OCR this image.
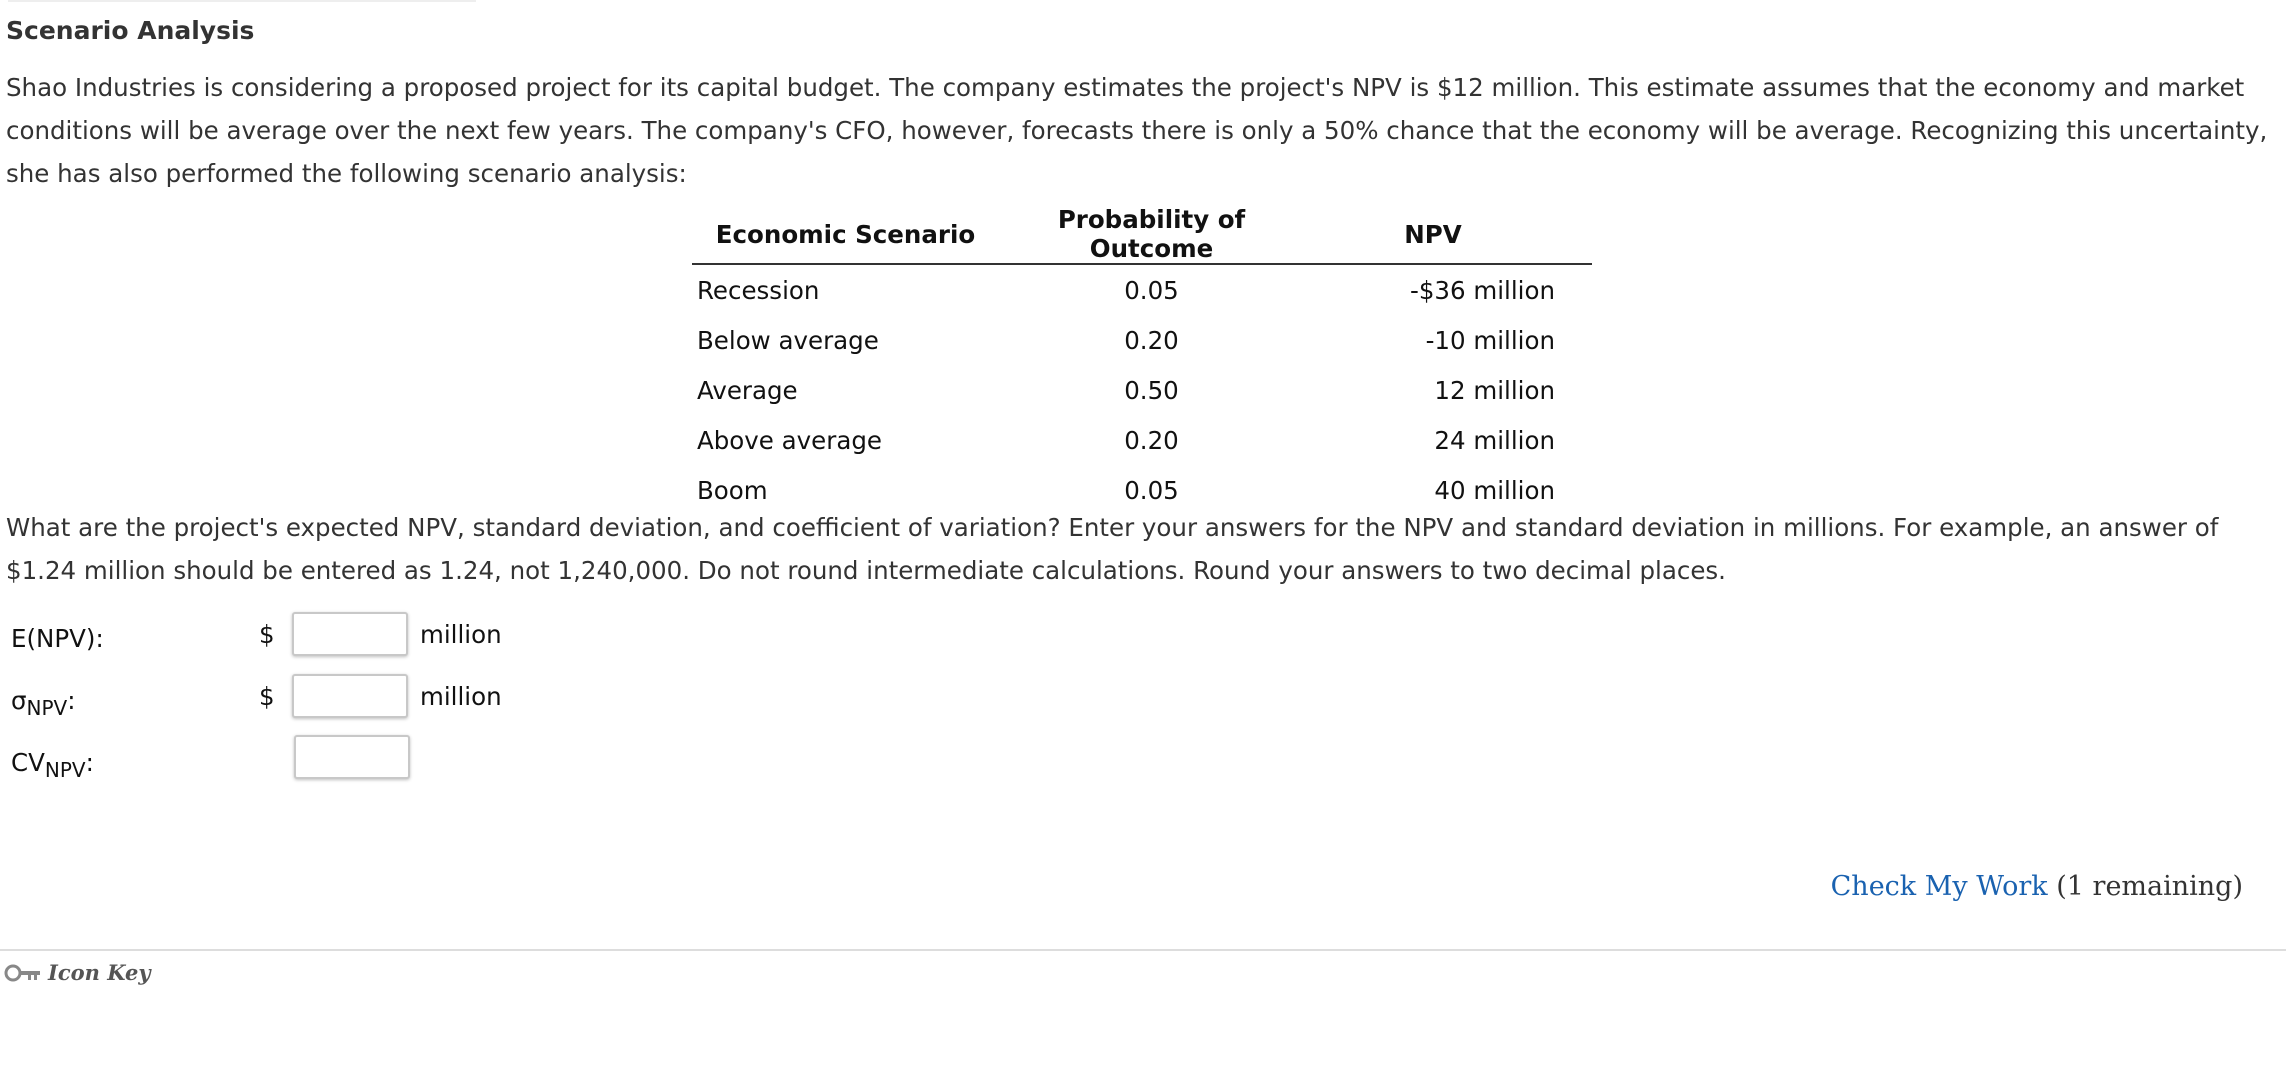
Scenario Analysis

Shao Industries is considering a proposed project for its capital budget. The company estimates the project's NPV is $12 million. This estimate assumes that the economy and market conditions will be average over the next few years. The company's CFO, however, forecasts there is only a 50% chance that the economy will be average. Recognizing this uncertainty, she has also performed the following scenario analysis:

Economic Scenario	Probability of Outcome	NPV
Recession	0.05	-$36 million
Below average	0.20	-10 million
Average	0.50	12 million
Above average	0.20	24 million
Boom	0.05	40 million

What are the project's expected NPV, standard deviation, and coefficient of variation? Enter your answers for the NPV and standard deviation in millions. For example, an answer of $1.24 million should be entered as 1.24, not 1,240,000. Do not round intermediate calculations. Round your answers to two decimal places.

E(NPV):	$	million
$\sigma_{NPV}$:	$	million
$CV_{NPV}$:
Check My Work (1 remaining)
Icon Key
